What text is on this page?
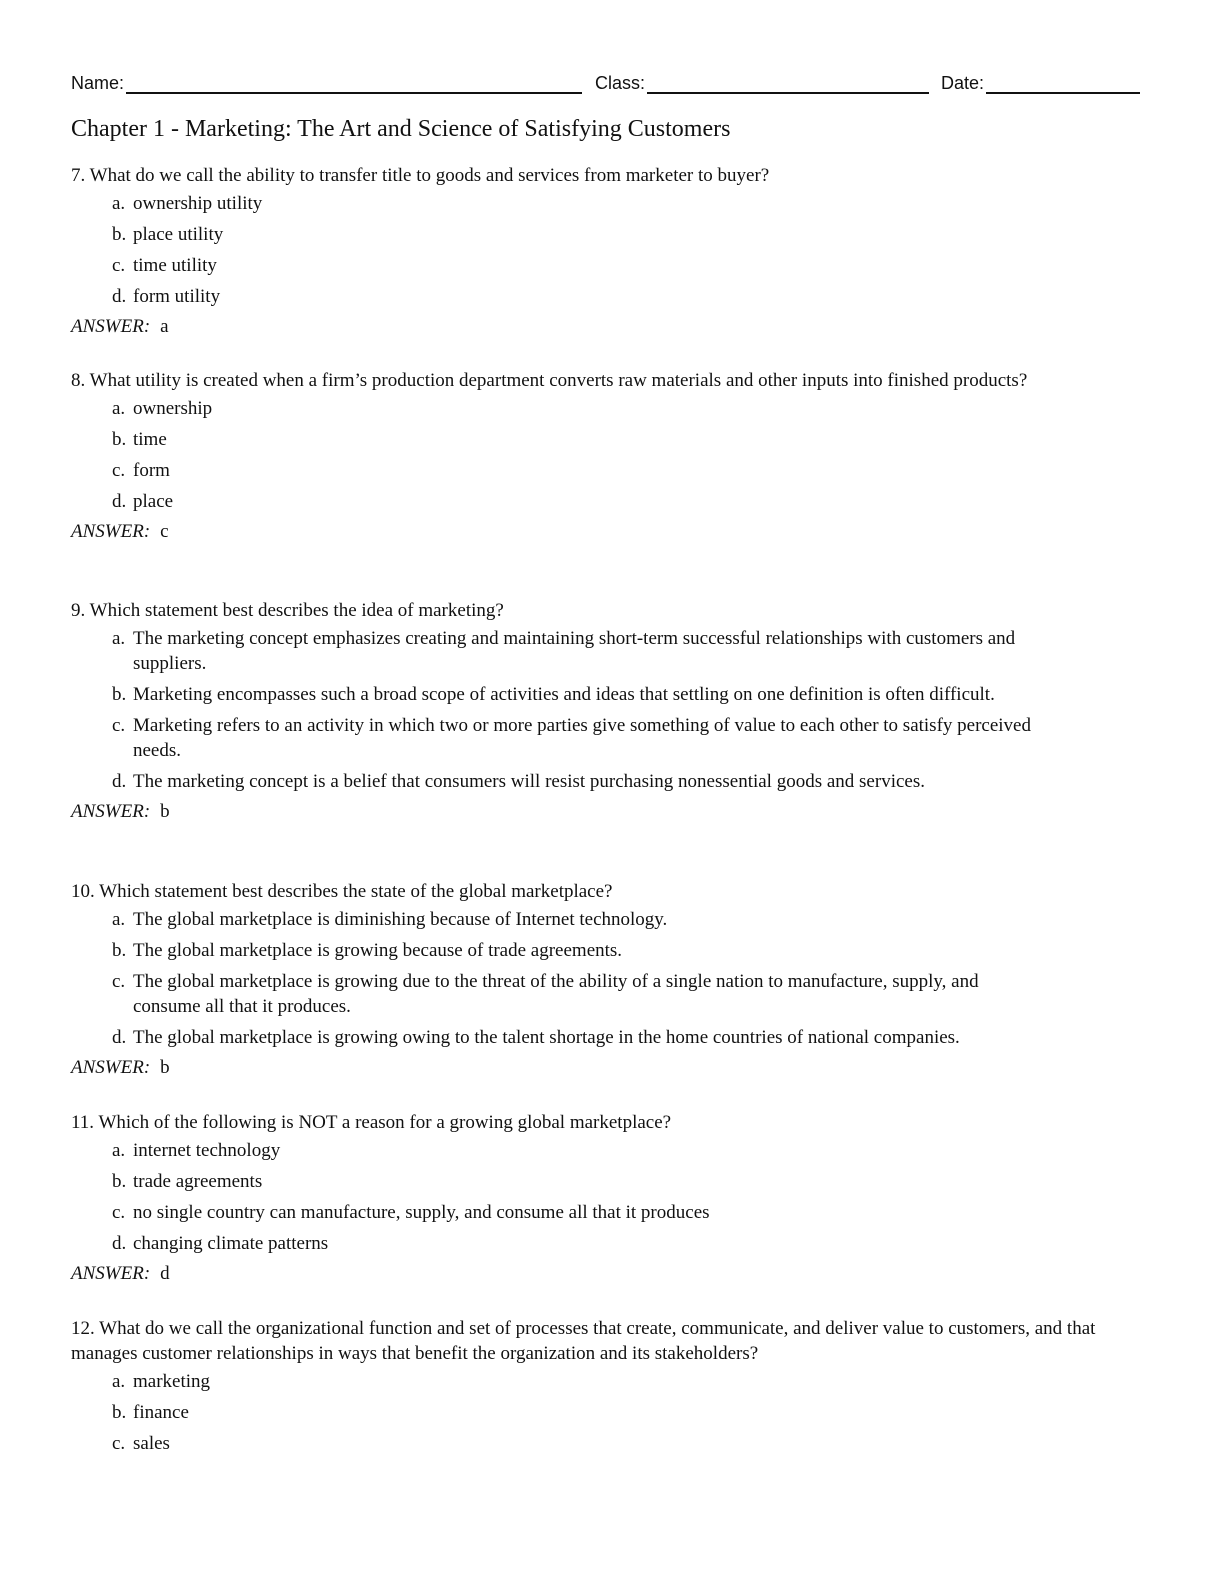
Name:	Class:	Date:
Chapter 1 - Marketing: The Art and Science of Satisfying Customers

7. What do we call the ability to transfer title to goods and services from marketer to buyer?

a. ownership utility
b. place utility
c. time utility
d. form utility
ANSWER: a

8. What utility is created when a firm’s production department converts raw materials and other inputs into finished products?

a. ownership
b. time
c. form
d. place
ANSWER: c

9. Which statement best describes the idea of marketing?

a. The marketing concept emphasizes creating and maintaining short-term successful relationships with customers and suppliers.
b. Marketing encompasses such a broad scope of activities and ideas that settling on one definition is often difficult.
c. Marketing refers to an activity in which two or more parties give something of value to each other to satisfy perceived needs.
d. The marketing concept is a belief that consumers will resist purchasing nonessential goods and services.
ANSWER: b

10. Which statement best describes the state of the global marketplace?

a. The global marketplace is diminishing because of Internet technology.
b. The global marketplace is growing because of trade agreements.
c. The global marketplace is growing due to the threat of the ability of a single nation to manufacture, supply, and consume all that it produces.
d. The global marketplace is growing owing to the talent shortage in the home countries of national companies.
ANSWER: b

11. Which of the following is NOT a reason for a growing global marketplace?

a. internet technology
b. trade agreements
c. no single country can manufacture, supply, and consume all that it produces
d. changing climate patterns
ANSWER: d

12. What do we call the organizational function and set of processes that create, communicate, and deliver value to customers, and that manages customer relationships in ways that benefit the organization and its stakeholders?

a. marketing
b. finance
c. sales
